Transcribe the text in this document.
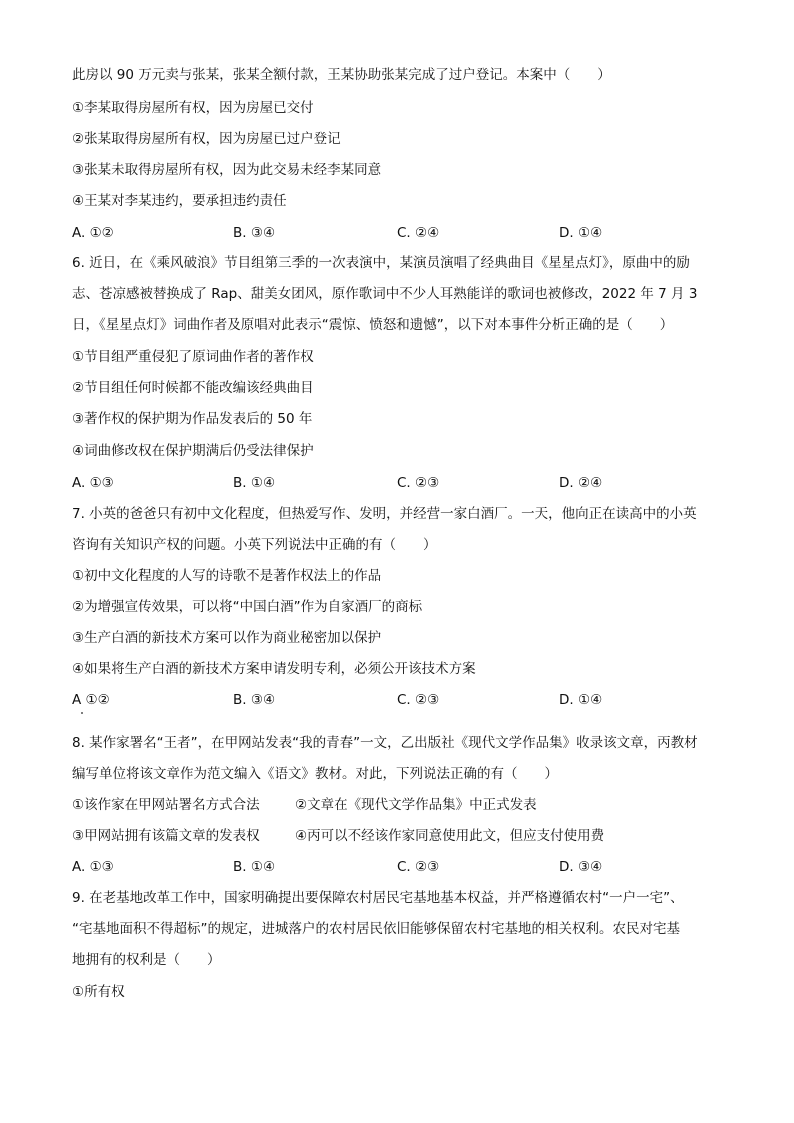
此房以 90 万元卖与张某，张某全额付款，王某协助张某完成了过户登记。本案中（　　）
①李某取得房屋所有权，因为房屋已交付
②张某取得房屋所有权，因为房屋已过户登记
③张某未取得房屋所有权，因为此交易未经李某同意
④王某对李某违约，要承担违约责任
A. ①②	B. ③④	C. ②④	D. ①④
6. 近日，在《乘风破浪》节目组第三季的一次表演中，某演员演唱了经典曲目《星星点灯》，原曲中的励
志、苍凉感被替换成了 Rap、甜美女团风，原作歌词中不少人耳熟能详的歌词也被修改，2022 年 7 月 3
日，《星星点灯》词曲作者及原唱对此表示“震惊、愤怒和遗憾”，以下对本事件分析正确的是（　　）
①节目组严重侵犯了原词曲作者的著作权
②节目组任何时候都不能改编该经典曲目
③著作权的保护期为作品发表后的 50 年
④词曲修改权在保护期满后仍受法律保护
A. ①③	B. ①④	C. ②③	D. ②④
7. 小英的爸爸只有初中文化程度，但热爱写作、发明，并经营一家白酒厂。一天，他向正在读高中的小英
咨询有关知识产权的问题。小英下列说法中正确的有（　　）
①初中文化程度的人写的诗歌不是著作权法上的作品
②为增强宣传效果，可以将“中国白酒”作为自家酒厂的商标
③生产白酒的新技术方案可以作为商业秘密加以保护
④如果将生产白酒的新技术方案申请发明专利，必须公开该技术方案
A ①②	B. ③④	C. ②③	D. ①④
8. 某作家署名“王者”，在甲网站发表“我的青春”一文，乙出版社《现代文学作品集》收录该文章，丙教材
编写单位将该文章作为范文编入《语文》教材。对此，下列说法正确的有（　　）
①该作家在甲网站署名方式合法	②文章在《现代文学作品集》中正式发表
③甲网站拥有该篇文章的发表权	④丙可以不经该作家同意使用此文，但应支付使用费
A. ①③	B. ①④	C. ②③	D. ③④
9. 在老基地改革工作中，国家明确提出要保障农村居民宅基地基本权益，并严格遵循农村“一户一宅”、
“宅基地面积不得超标”的规定，进城落户的农村居民依旧能够保留农村宅基地的相关权利。农民对宅基
地拥有的权利是（　　）
①所有权
